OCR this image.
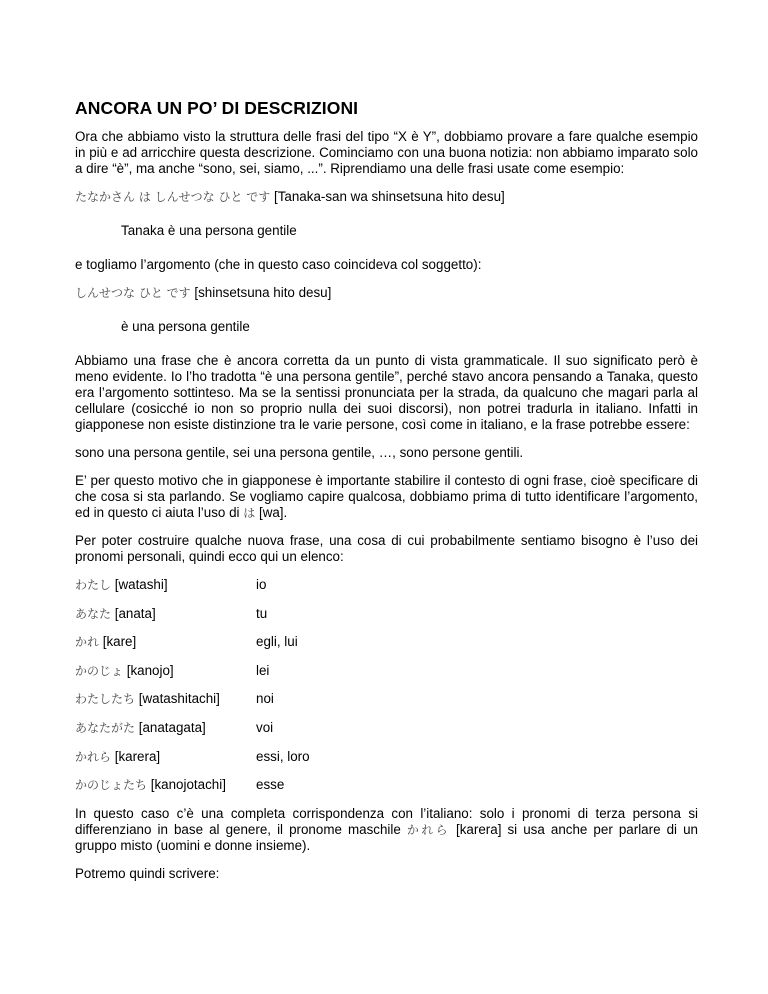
ANCORA UN PO’ DI DESCRIZIONI

Ora che abbiamo visto la struttura delle frasi del tipo “X è Y”, dobbiamo provare a fare qualche esempio in più e ad arricchire questa descrizione. Cominciamo con una buona notizia: non abbiamo imparato solo a dire “è”, ma anche “sono, sei, siamo, ...”. Riprendiamo una delle frasi usate come esempio:

たなかさん は しんせつな ひと です [Tanaka-san wa shinsetsuna hito desu]

Tanaka è una persona gentile

e togliamo l’argomento (che in questo caso coincideva col soggetto):

しんせつな ひと です [shinsetsuna hito desu]

è una persona gentile

Abbiamo una frase che è ancora corretta da un punto di vista grammaticale. Il suo significato però è meno evidente. Io l’ho tradotta “è una persona gentile”, perché stavo ancora pensando a Tanaka, questo era l’argomento sottinteso. Ma se la sentissi pronunciata per la strada, da qualcuno che magari parla al cellulare (cosicché io non so proprio nulla dei suoi discorsi), non potrei tradurla in italiano. Infatti in giapponese non esiste distinzione tra le varie persone, così come in italiano, e la frase potrebbe essere:

sono una persona gentile, sei una persona gentile, …, sono persone gentili.

E’ per questo motivo che in giapponese è importante stabilire il contesto di ogni frase, cioè specificare di che cosa si sta parlando. Se vogliamo capire qualcosa, dobbiamo prima di tutto identificare l’argomento, ed in questo ci aiuta l’uso di は [wa].

Per poter costruire qualche nuova frase, una cosa di cui probabilmente sentiamo bisogno è l’uso dei pronomi personali, quindi ecco qui un elenco:

わたし [watashi]	io
あなた [anata]	tu
かれ [kare]	egli, lui
かのじょ [kanojo]	lei
わたしたち [watashitachi]	noi
あなたがた [anatagata]	voi
かれら [karera]	essi, loro
かのじょたち [kanojotachi]	esse

In questo caso c’è una completa corrispondenza con l’italiano: solo i pronomi di terza persona si differenziano in base al genere, il pronome maschile かれら [karera] si usa anche per parlare di un gruppo misto (uomini e donne insieme).

Potremo quindi scrivere:
